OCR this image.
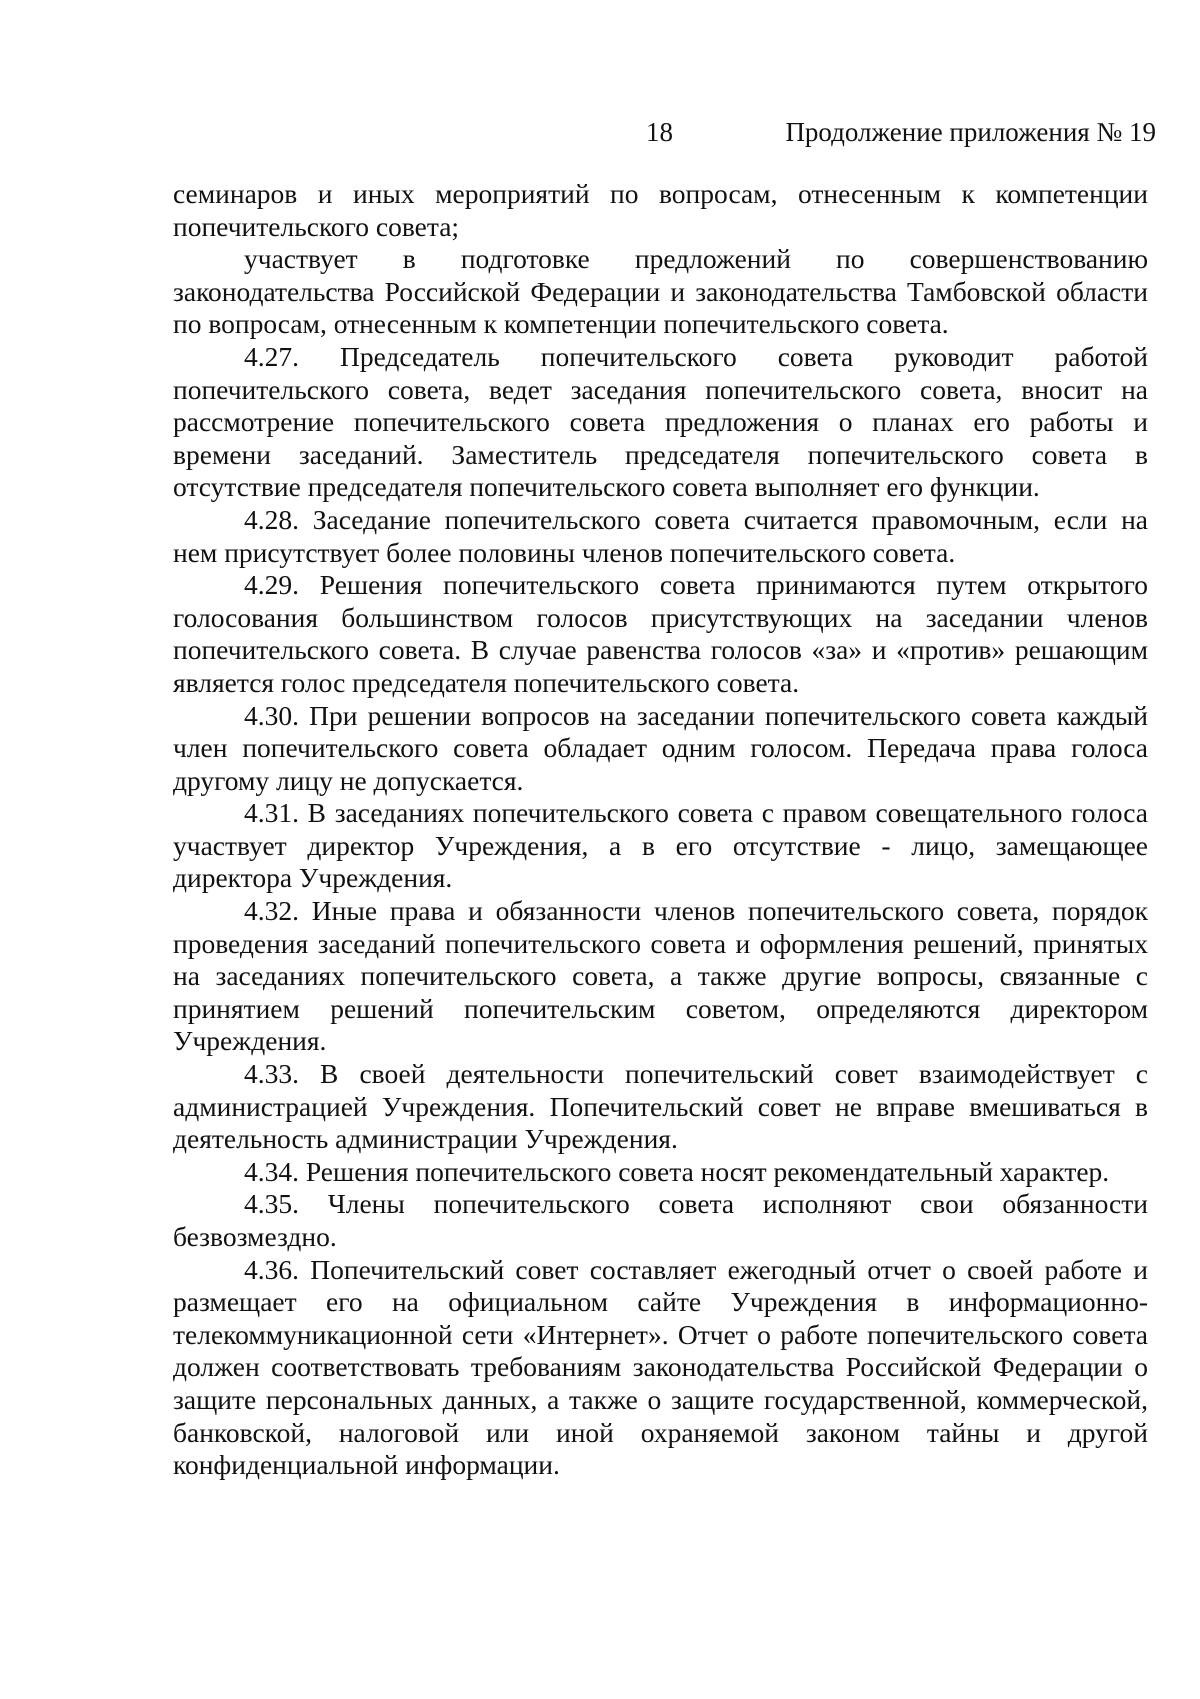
18	Продолжение приложения № 19

семинаров и иных мероприятий по вопросам, отнесенным к компетенции попечительского совета;

участвует в подготовке предложений по совершенствованию законодательства Российской Федерации и законодательства Тамбовской области по вопросам, отнесенным к компетенции попечительского совета.

4.27. Председатель попечительского совета руководит работой попечительского совета, ведет заседания попечительского совета, вносит на рассмотрение попечительского совета предложения о планах его работы и времени заседаний. Заместитель председателя попечительского совета в отсутствие председателя попечительского совета выполняет его функции.

4.28. Заседание попечительского совета считается правомочным, если на нем присутствует более половины членов попечительского совета.

4.29. Решения попечительского совета принимаются путем открытого голосования большинством голосов присутствующих на заседании членов попечительского совета. В случае равенства голосов «за» и «против» решающим является голос председателя попечительского совета.

4.30. При решении вопросов на заседании попечительского совета каждый член попечительского совета обладает одним голосом. Передача права голоса другому лицу не допускается.

4.31. В заседаниях попечительского совета с правом совещательного голоса участвует директор Учреждения, а в его отсутствие - лицо, замещающее директора Учреждения.

4.32. Иные права и обязанности членов попечительского совета, порядок проведения заседаний попечительского совета и оформления решений, принятых на заседаниях попечительского совета, а также другие вопросы, связанные с принятием решений попечительским советом, определяются директором Учреждения.

4.33. В своей деятельности попечительский совет взаимодействует с администрацией Учреждения. Попечительский совет не вправе вмешиваться в деятельность администрации Учреждения.

4.34. Решения попечительского совета носят рекомендательный характер.

4.35. Члены попечительского совета исполняют свои обязанности безвозмездно.

4.36. Попечительский совет составляет ежегодный отчет о своей работе и размещает его на официальном сайте Учреждения в информационно-телекоммуникационной сети «Интернет». Отчет о работе попечительского совета должен соответствовать требованиям законодательства Российской Федерации о защите персональных данных, а также о защите государственной, коммерческой, банковской, налоговой или иной охраняемой законом тайны и другой конфиденциальной информации.
